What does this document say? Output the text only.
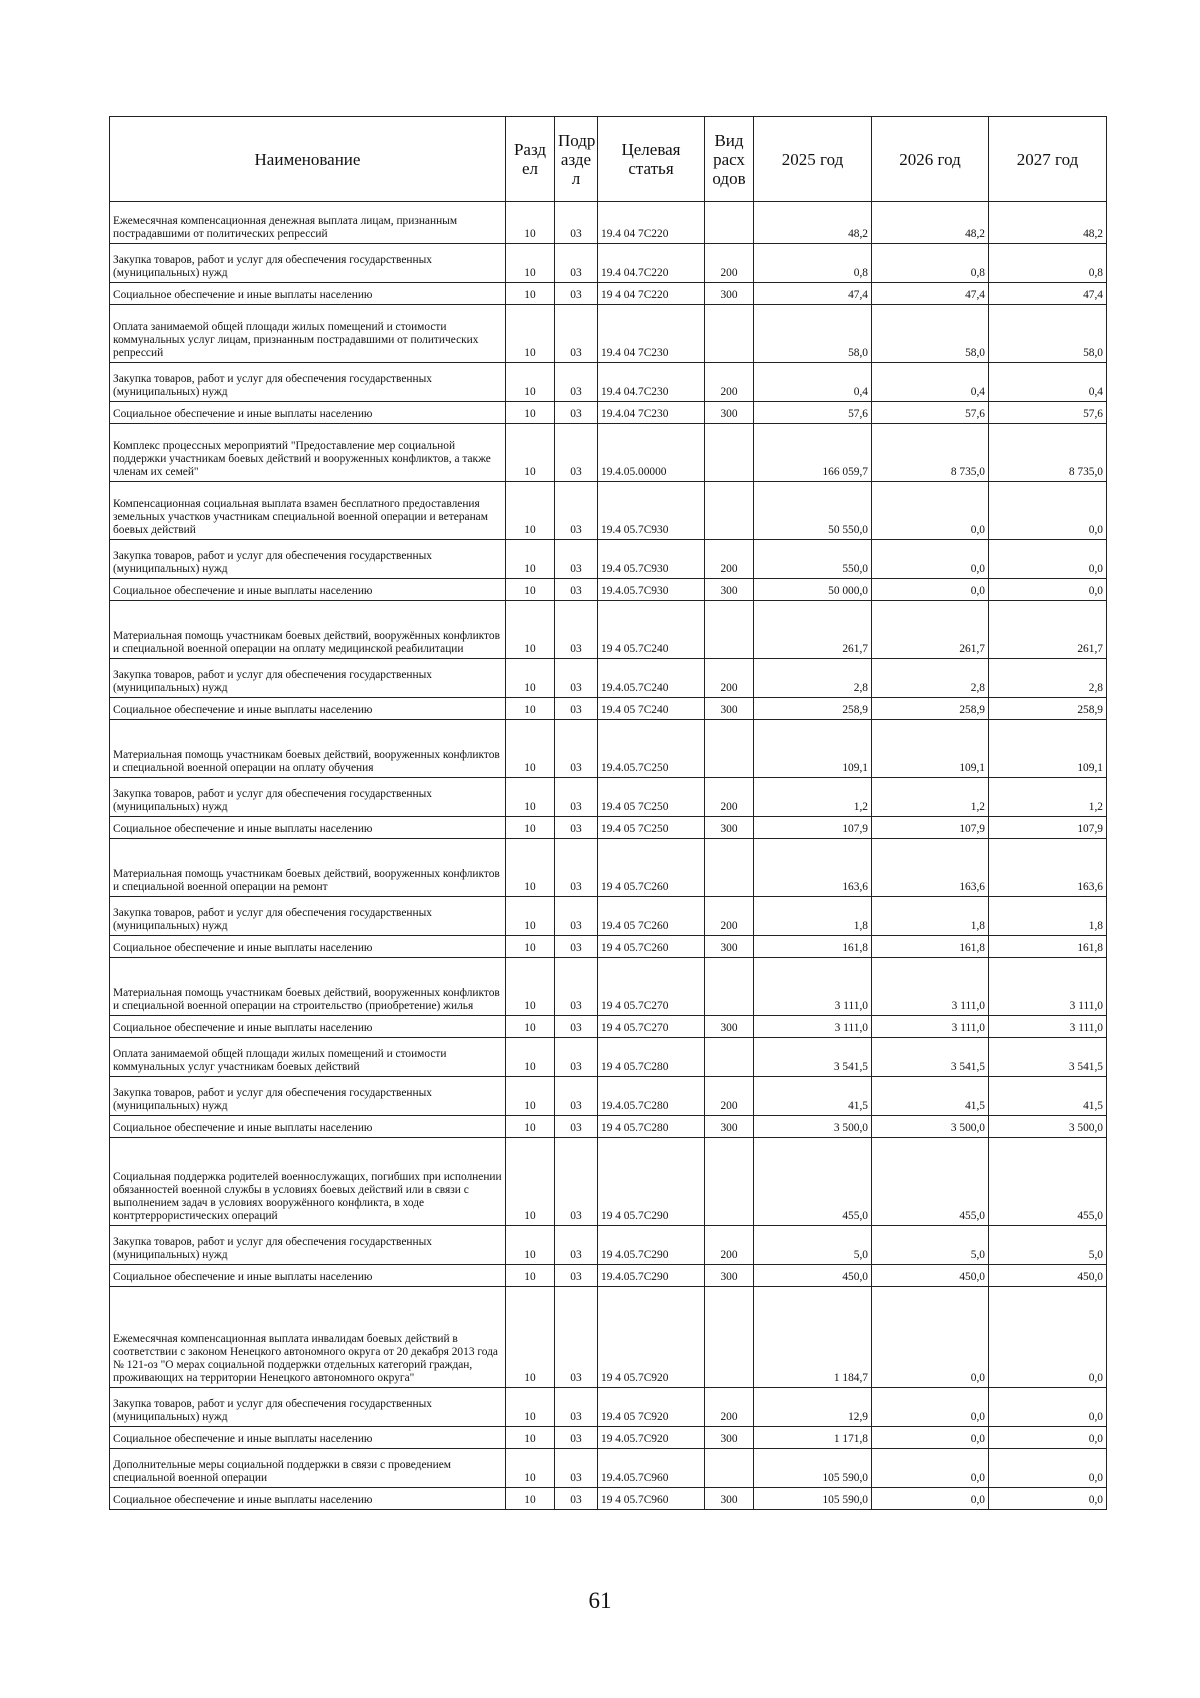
Наименование	Разд ел	Подр азде л	Целевая статья	Вид расх одов	2025 год	2026 год	2027 год
Ежемесячная компенсационная денежная выплата лицам, признанным пострадавшими от политических репрессий	10	03	19.4 04 7С220		48,2	48,2	48,2
Закупка товаров, работ и услуг для обеспечения государственных (муниципальных) нужд	10	03	19.4 04.7С220	200	0,8	0,8	0,8
Социальное обеспечение и иные выплаты населению	10	03	19 4 04 7С220	300	47,4	47,4	47,4
Оплата занимаемой общей площади жилых помещений и стоимости коммунальных услуг лицам, признанным пострадавшими от политических репрессий	10	03	19.4 04 7С230		58,0	58,0	58,0
Закупка товаров, работ и услуг для обеспечения государственных (муниципальных) нужд	10	03	19.4 04.7С230	200	0,4	0,4	0,4
Социальное обеспечение и иные выплаты населению	10	03	19.4.04 7С230	300	57,6	57,6	57,6
Комплекс процессных мероприятий "Предоставление мер социальной поддержки участникам боевых действий и вооруженных конфликтов, а также членам их семей"	10	03	19.4.05.00000		166 059,7	8 735,0	8 735,0
Компенсационная социальная выплата взамен бесплатного предоставления земельных участков участникам специальной военной операции и ветеранам боевых действий	10	03	19.4 05.7С930		50 550,0	0,0	0,0
Закупка товаров, работ и услуг для обеспечения государственных (муниципальных) нужд	10	03	19.4 05.7С930	200	550,0	0,0	0,0
Социальное обеспечение и иные выплаты населению	10	03	19.4.05.7С930	300	50 000,0	0,0	0,0
Материальная помощь участникам боевых действий, вооружённых конфликтов и специальной военной операции на оплату медицинской реабилитации	10	03	19 4 05.7С240		261,7	261,7	261,7
Закупка товаров, работ и услуг для обеспечения государственных (муниципальных) нужд	10	03	19.4.05.7С240	200	2,8	2,8	2,8
Социальное обеспечение и иные выплаты населению	10	03	19.4 05 7С240	300	258,9	258,9	258,9
Материальная помощь участникам боевых действий, вооруженных конфликтов и специальной военной операции на оплату обучения	10	03	19.4.05.7С250		109,1	109,1	109,1
Закупка товаров, работ и услуг для обеспечения государственных (муниципальных) нужд	10	03	19.4 05 7С250	200	1,2	1,2	1,2
Социальное обеспечение и иные выплаты населению	10	03	19.4 05 7С250	300	107,9	107,9	107,9
Материальная помощь участникам боевых действий, вооруженных конфликтов и специальной военной операции на ремонт	10	03	19 4 05.7С260		163,6	163,6	163,6
Закупка товаров, работ и услуг для обеспечения государственных (муниципальных) нужд	10	03	19.4 05 7С260	200	1,8	1,8	1,8
Социальное обеспечение и иные выплаты населению	10	03	19 4 05.7С260	300	161,8	161,8	161,8
Материальная помощь участникам боевых действий, вооруженных конфликтов и специальной военной операции на строительство (приобретение) жилья	10	03	19 4 05.7С270		3 111,0	3 111,0	3 111,0
Социальное обеспечение и иные выплаты населению	10	03	19 4 05.7С270	300	3 111,0	3 111,0	3 111,0
Оплата занимаемой общей площади жилых помещений и стоимости коммунальных услуг участникам боевых действий	10	03	19 4 05.7С280		3 541,5	3 541,5	3 541,5
Закупка товаров, работ и услуг для обеспечения государственных (муниципальных) нужд	10	03	19.4.05.7С280	200	41,5	41,5	41,5
Социальное обеспечение и иные выплаты населению	10	03	19 4 05.7С280	300	3 500,0	3 500,0	3 500,0
Социальная поддержка родителей военнослужащих, погибших при исполнении обязанностей военной службы в условиях боевых действий или в связи с выполнением задач в условиях вооружённого конфликта, в ходе контртеррористических операций	10	03	19 4 05.7С290		455,0	455,0	455,0
Закупка товаров, работ и услуг для обеспечения государственных (муниципальных) нужд	10	03	19 4.05.7С290	200	5,0	5,0	5,0
Социальное обеспечение и иные выплаты населению	10	03	19.4.05.7С290	300	450,0	450,0	450,0
Ежемесячная компенсационная выплата инвалидам боевых действий в соответствии с законом Ненецкого автономного округа от 20 декабря 2013 года № 121-оз "О мерах социальной поддержки отдельных категорий граждан, проживающих на территории Ненецкого автономного округа"	10	03	19 4 05.7С920		1 184,7	0,0	0,0
Закупка товаров, работ и услуг для обеспечения государственных (муниципальных) нужд	10	03	19.4 05 7С920	200	12,9	0,0	0,0
Социальное обеспечение и иные выплаты населению	10	03	19 4.05.7С920	300	1 171,8	0,0	0,0
Дополнительные меры социальной поддержки в связи с проведением специальной военной операции	10	03	19.4.05.7С960		105 590,0	0,0	0,0
Социальное обеспечение и иные выплаты населению	10	03	19 4 05.7С960	300	105 590,0	0,0	0,0
61
